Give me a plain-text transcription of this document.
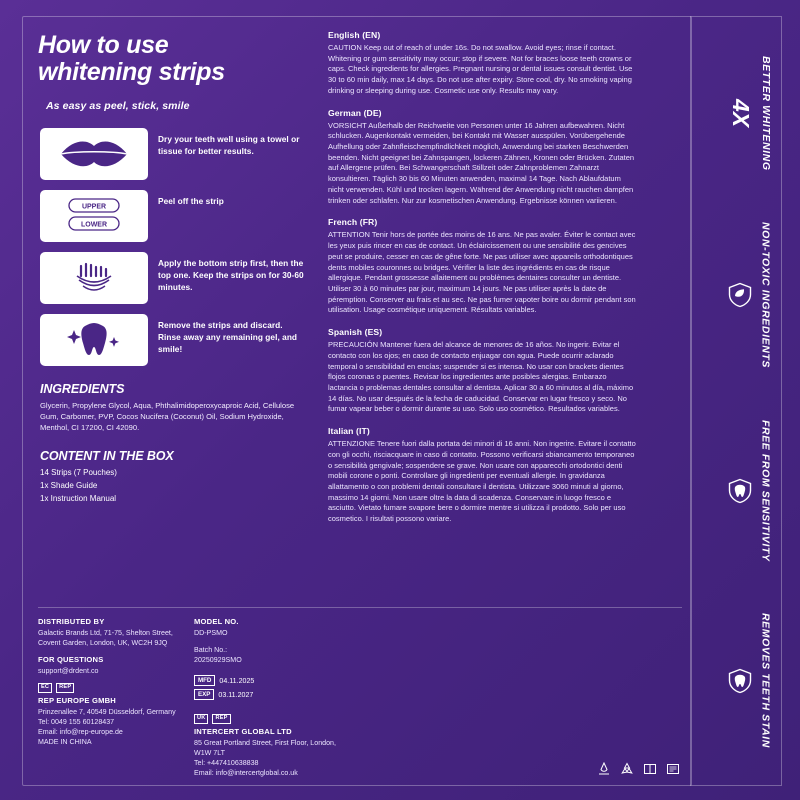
How to use
whitening strips
As easy as peel, stick, smile
Dry your teeth well using a towel or tissue for better results.
UPPER
LOWER
Peel off the strip
Apply the bottom strip first, then the top one. Keep the strips on for 30-60 minutes.
Remove the strips and discard. Rinse away any remaining gel, and smile!
INGREDIENTS

Glycerin, Propylene Glycol, Aqua, Phthalimidoperoxycaproic Acid, Cellulose Gum, Carbomer, PVP, Cocos Nucifera (Coconut) Oil, Sodium Hydroxide, Menthol, CI 17200, CI 42090.

CONTENT IN THE BOX
14 Strips (7 Pouches)
1x Shade Guide
1x Instruction Manual
English (EN)

CAUTION Keep out of reach of under 16s. Do not swallow. Avoid eyes; rinse if contact. Whitening or gum sensitivity may occur; stop if severe. Not for braces loose teeth crowns or caps. Check ingredients for allergies. Pregnant nursing or dental issues consult dentist. Use 30 to 60 min daily, max 14 days. Do not use after expiry. Store cool, dry. No smoking vaping drinking or sleeping during use. Cosmetic use only. Results may vary.

German (DE)

VORSICHT Außerhalb der Reichweite von Personen unter 16 Jahren aufbewahren. Nicht schlucken. Augenkontakt vermeiden, bei Kontakt mit Wasser ausspülen. Vorübergehende Aufhellung oder Zahnfleischempfindlichkeit möglich, Anwendung bei starken Beschwerden beenden. Nicht geeignet bei Zahnspangen, lockeren Zähnen, Kronen oder Brücken. Zutaten auf Allergene prüfen. Bei Schwangerschaft Stillzeit oder Zahnproblemen Zahnarzt konsultieren. Täglich 30 bis 60 Minuten anwenden, maximal 14 Tage. Nach Ablaufdatum nicht verwenden. Kühl und trocken lagern. Während der Anwendung nicht rauchen dampfen trinken oder schlafen. Nur zur kosmetischen Anwendung. Ergebnisse können variieren.

French (FR)

ATTENTION Tenir hors de portée des moins de 16 ans. Ne pas avaler. Éviter le contact avec les yeux puis rincer en cas de contact. Un éclaircissement ou une sensibilité des gencives peut se produire, cesser en cas de gêne forte. Ne pas utiliser avec appareils orthodontiques dents mobiles couronnes ou bridges. Vérifier la liste des ingrédients en cas de risque allergique. Pendant grossesse allaitement ou problèmes dentaires consulter un dentiste. Utiliser 30 à 60 minutes par jour, maximum 14 jours. Ne pas utiliser après la date de péremption. Conserver au frais et au sec. Ne pas fumer vapoter boire ou dormir pendant son utilisation. Usage cosmétique uniquement. Résultats variables.

Spanish (ES)

PRECAUCIÓN Mantener fuera del alcance de menores de 16 años. No ingerir. Evitar el contacto con los ojos; en caso de contacto enjuagar con agua. Puede ocurrir aclarado temporal o sensibilidad en encías; suspender si es intensa. No usar con brackets dientes flojos coronas o puentes. Revisar los ingredientes ante posibles alergias. Embarazo lactancia o problemas dentales consultar al dentista. Aplicar 30 a 60 minutos al día, máximo 14 días. No usar después de la fecha de caducidad. Conservar en lugar fresco y seco. No fumar vapear beber o dormir durante su uso. Solo uso cosmético. Resultados variables.

Italian (IT)

ATTENZIONE Tenere fuori dalla portata dei minori di 16 anni. Non ingerire. Evitare il contatto con gli occhi, risciacquare in caso di contatto. Possono verificarsi sbiancamento temporaneo o sensibilità gengivale; sospendere se grave. Non usare con apparecchi ortodontici denti mobili corone o ponti. Controllare gli ingredienti per eventuali allergie. In gravidanza allattamento o con problemi dentali consultare il dentista. Utilizzare 3060 minuti al giorno, massimo 14 giorni. Non usare oltre la data di scadenza. Conservare in luogo fresco e asciutto. Vietato fumare svapore bere o dormire mentre si utilizza il prodotto. Solo per uso cosmetico. I risultati possono variare.

DISTRIBUTED BY
Galactic Brands Ltd, 71-75, Shelton Street, Covent Garden, London, UK, WC2H 9JQ
FOR QUESTIONS
support@drdent.co
EC	REP
REP EUROPE GMBH
Prinzenallee 7, 40549 Düsseldorf, Germany
Tel: 0049 155 60128437
Email: info@rep-europe.de
MADE IN CHINA
MODEL NO.
DD-PSMO
Batch No.:
20250929SMO
MFD	04.11.2025
EXP	03.11.2027
UK	REP
INTERCERT GLOBAL LTD
85 Great Portland Street, First Floor, London, W1W 7LT
Tel: +447410638838
Email: info@intercertglobal.co.uk
4X BETTER WHITENING
NON-TOXIC INGREDIENTS
FREE FROM SENSITIVITY
REMOVES TEETH STAIN
